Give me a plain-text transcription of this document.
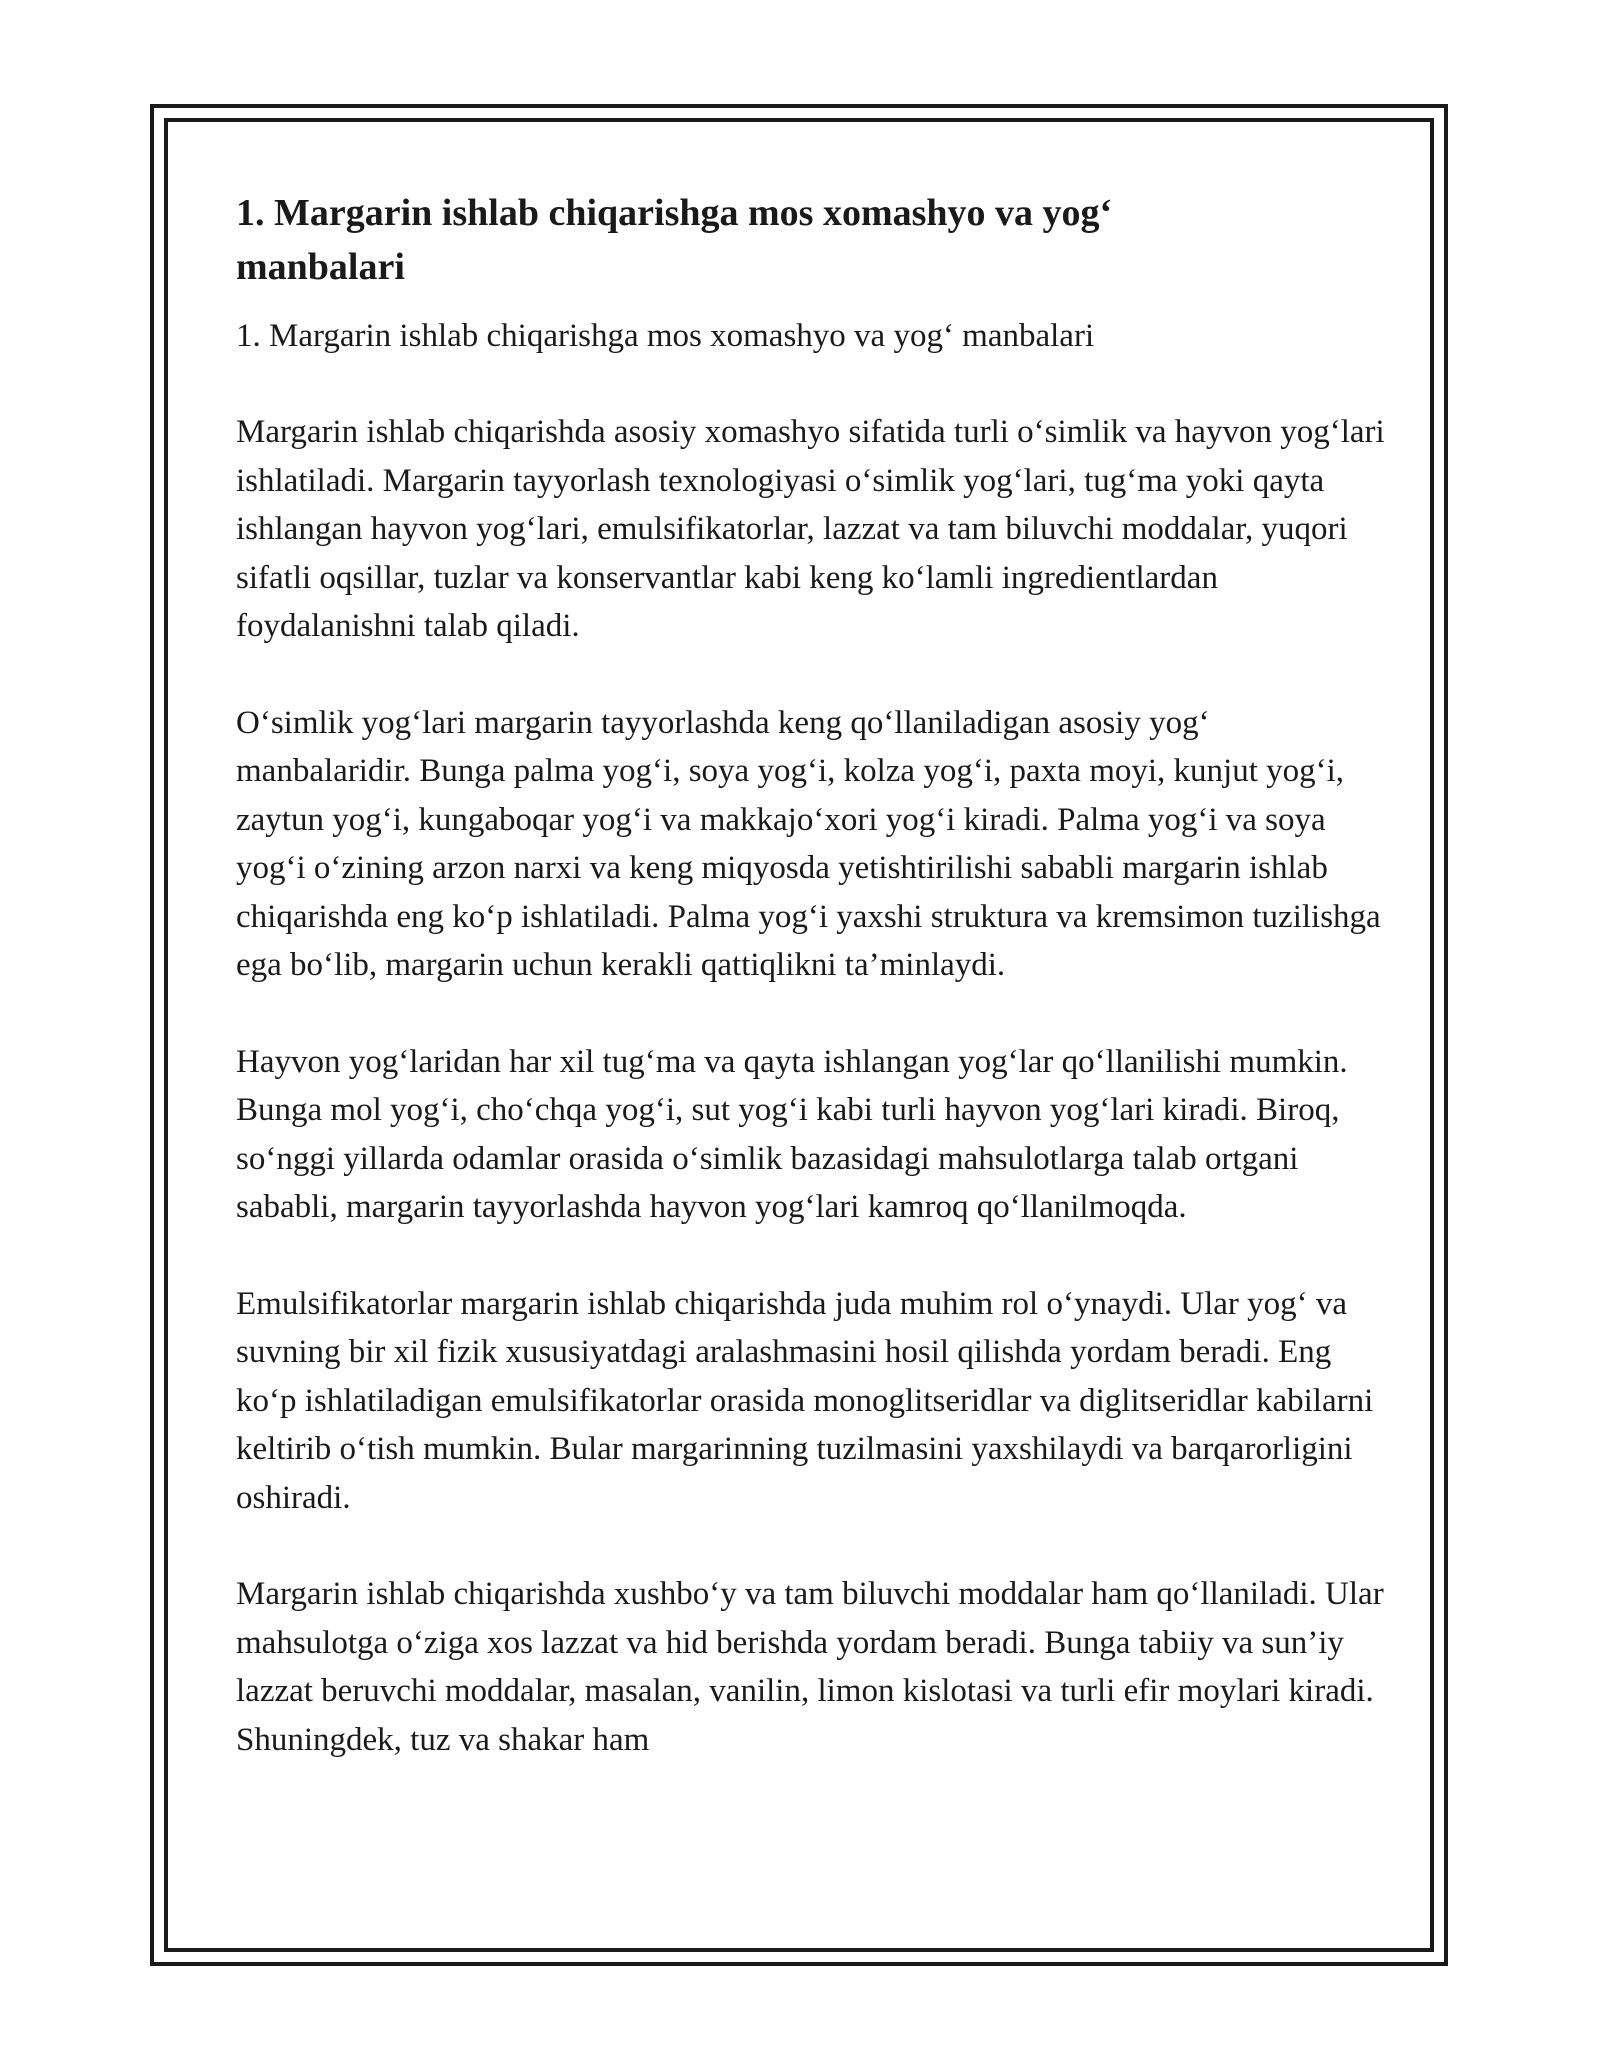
1. Margarin ishlab chiqarishga mos xomashyo va yog‘ manbalari

1. Margarin ishlab chiqarishga mos xomashyo va yog‘ manbalari

Margarin ishlab chiqarishda asosiy xomashyo sifatida turli o‘simlik va hayvon yog‘lari ishlatiladi. Margarin tayyorlash texnologiyasi o‘simlik yog‘lari, tug‘ma yoki qayta ishlangan hayvon yog‘lari, emulsifikatorlar, lazzat va tam biluvchi moddalar, yuqori sifatli oqsillar, tuzlar va konservantlar kabi keng ko‘lamli ingredientlardan foydalanishni talab qiladi.

O‘simlik yog‘lari margarin tayyorlashda keng qo‘llaniladigan asosiy yog‘ manbalaridir. Bunga palma yog‘i, soya yog‘i, kolza yog‘i, paxta moyi, kunjut yog‘i, zaytun yog‘i, kungaboqar yog‘i va makkajo‘xori yog‘i kiradi. Palma yog‘i va soya yog‘i o‘zining arzon narxi va keng miqyosda yetishtirilishi sababli margarin ishlab chiqarishda eng ko‘p ishlatiladi. Palma yog‘i yaxshi struktura va kremsimon tuzilishga ega bo‘lib, margarin uchun kerakli qattiqlikni ta’minlaydi.

Hayvon yog‘laridan har xil tug‘ma va qayta ishlangan yog‘lar qo‘llanilishi mumkin. Bunga mol yog‘i, cho‘chqa yog‘i, sut yog‘i kabi turli hayvon yog‘lari kiradi. Biroq, so‘nggi yillarda odamlar orasida o‘simlik bazasidagi mahsulotlarga talab ortgani sababli, margarin tayyorlashda hayvon yog‘lari kamroq qo‘llanilmoqda.

Emulsifikatorlar margarin ishlab chiqarishda juda muhim rol o‘ynaydi. Ular yog‘ va suvning bir xil fizik xususiyatdagi aralashmasini hosil qilishda yordam beradi. Eng ko‘p ishlatiladigan emulsifikatorlar orasida monoglitseridlar va diglitseridlar kabilarni keltirib o‘tish mumkin. Bular margarinning tuzilmasini yaxshilaydi va barqarorligini oshiradi.

Margarin ishlab chiqarishda xushbo‘y va tam biluvchi moddalar ham qo‘llaniladi. Ular mahsulotga o‘ziga xos lazzat va hid berishda yordam beradi. Bunga tabiiy va sun’iy lazzat beruvchi moddalar, masalan, vanilin, limon kislotasi va turli efir moylari kiradi. Shuningdek, tuz va shakar ham
